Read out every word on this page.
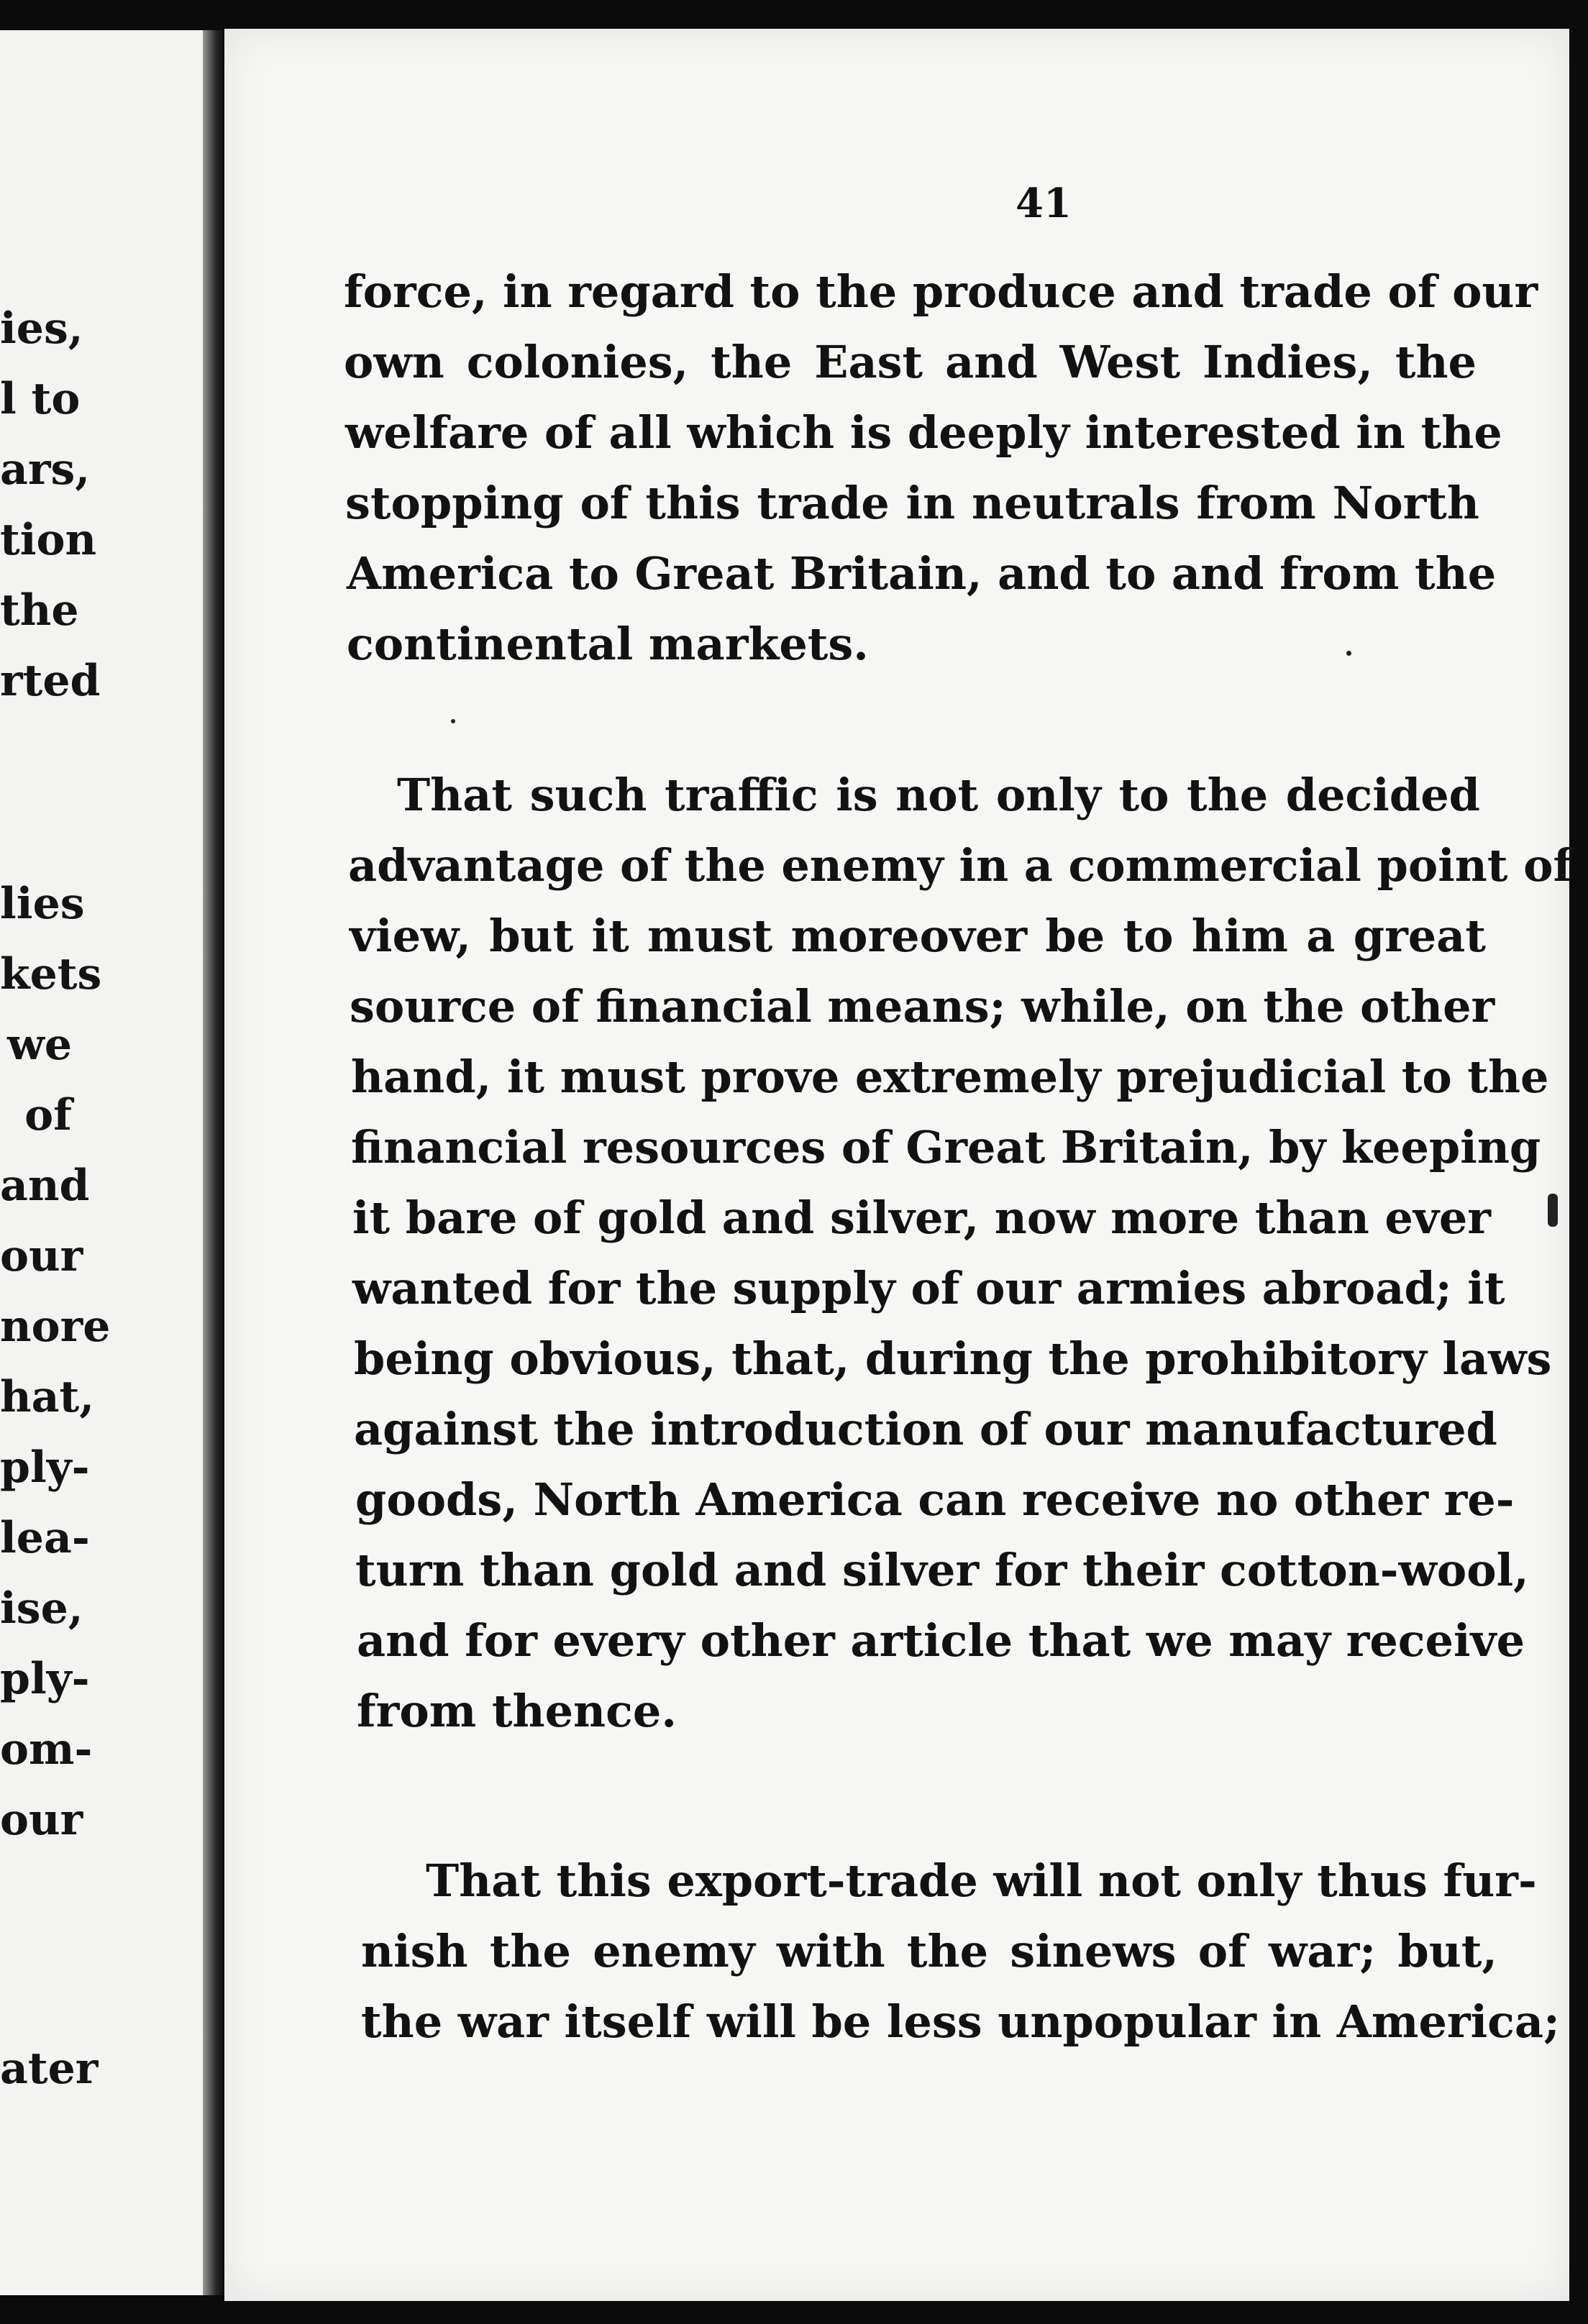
ies,
l to
ars,
tion
the
rted
lies
kets
we
of
and
our
nore
hat,
ply-
lea-
ise,
ply-
om-
our
ater
41
force, in regard to the produce and trade of our
own colonies, the East and West Indies, the
welfare of all which is deeply interested in the
stopping of this trade in neutrals from North
America to Great Britain, and to and from the
continental markets.
That such traffic is not only to the decided
advantage of the enemy in a commercial point of
view, but it must moreover be to him a great
source of financial means; while, on the other
hand, it must prove extremely prejudicial to the
financial resources of Great Britain, by keeping
it bare of gold and silver, now more than ever
wanted for the supply of our armies abroad; it
being obvious, that, during the prohibitory laws
against the introduction of our manufactured
goods, North America can receive no other re-
turn than gold and silver for their cotton-wool,
and for every other article that we may receive
from thence.
That this export-trade will not only thus fur-
nish the enemy with the sinews of war; but,
the war itself will be less unpopular in America;
